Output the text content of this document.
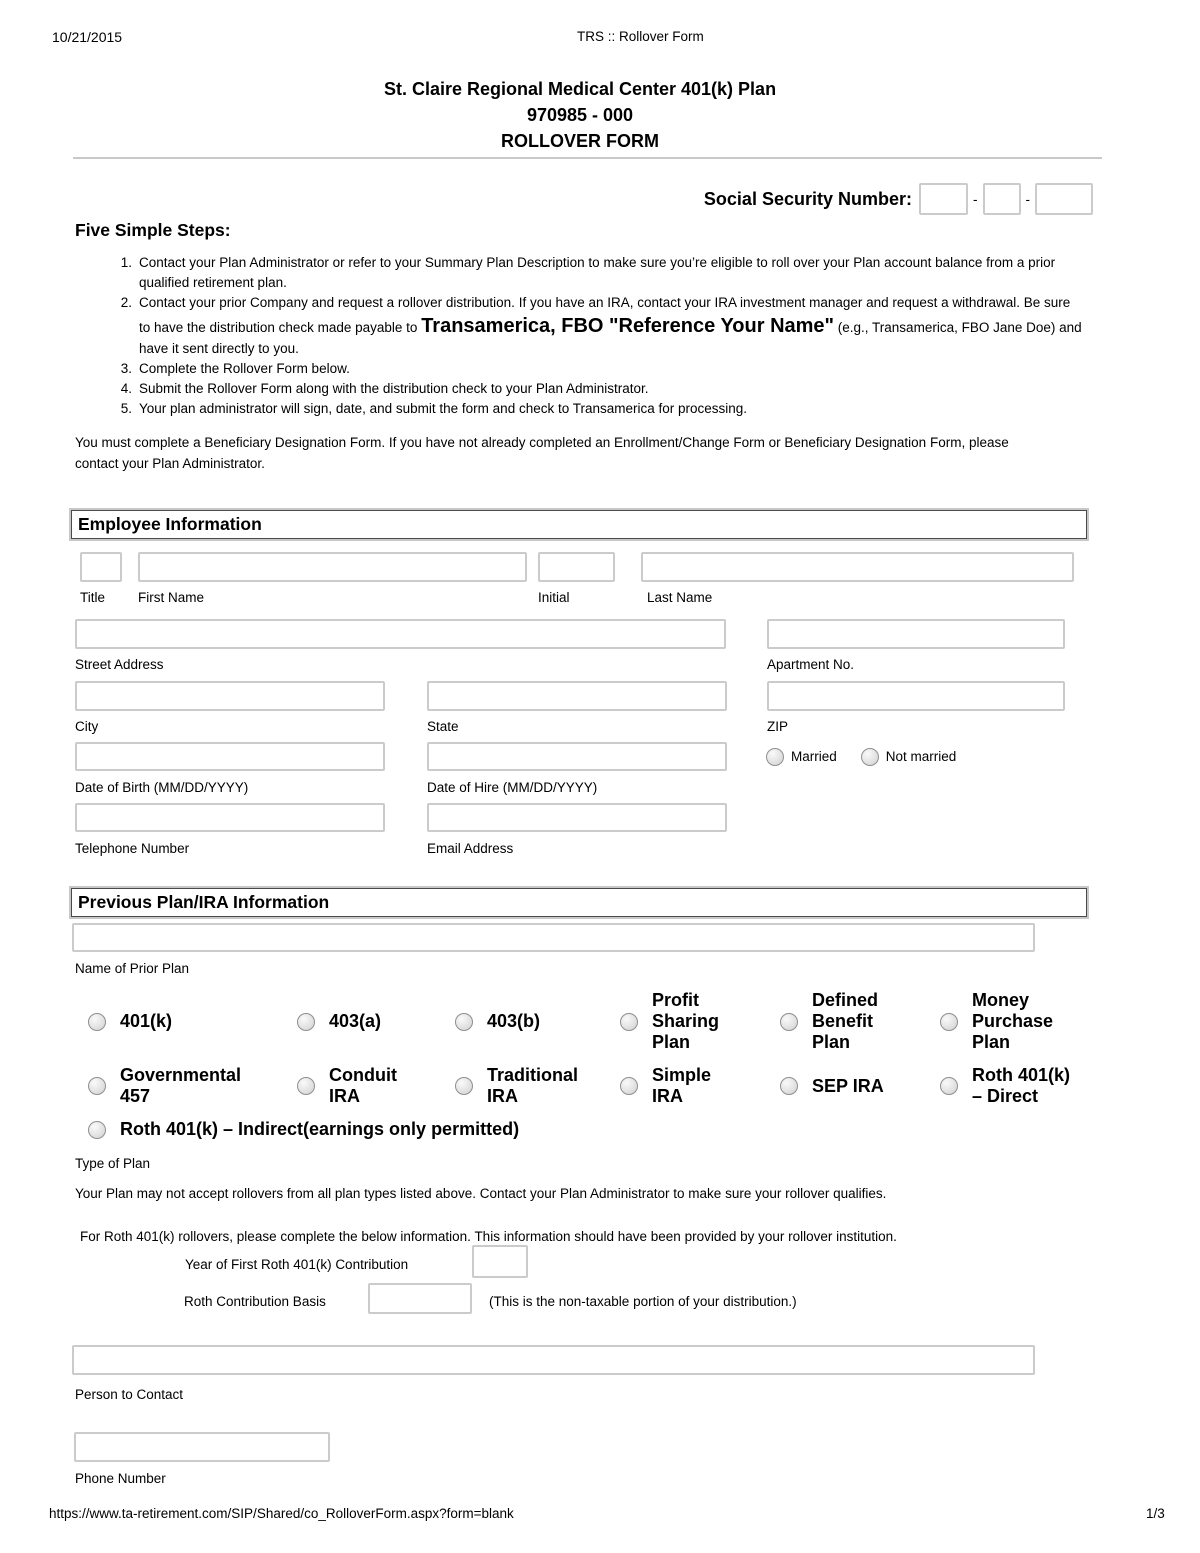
10/21/2015	TRS :: Rollover Form
St. Claire Regional Medical Center 401(k) Plan
970985 - 000
ROLLOVER FORM
Social Security Number:	-	-
Five Simple Steps:
1. Contact your Plan Administrator or refer to your Summary Plan Description to make sure you’re eligible to roll over your Plan account balance from a prior qualified retirement plan.
2. Contact your prior Company and request a rollover distribution. If you have an IRA, contact your IRA investment manager and request a withdrawal. Be sure to have the distribution check made payable to Transamerica, FBO "Reference Your Name" (e.g., Transamerica, FBO Jane Doe) and have it sent directly to you.
3. Complete the Rollover Form below.
4. Submit the Rollover Form along with the distribution check to your Plan Administrator.
5. Your plan administrator will sign, date, and submit the form and check to Transamerica for processing.
You must complete a Beneficiary Designation Form. If you have not already completed an Enrollment/Change Form or Beneficiary Designation Form, please contact your Plan Administrator.
Employee Information
Title First Name	Initial	Last Name
Street Address	Apartment No.
City	State	ZIP
Married	Not married
Date of Birth (MM/DD/YYYY)	Date of Hire (MM/DD/YYYY)
Telephone Number	Email Address
Previous Plan/IRA Information
Name of Prior Plan
401(k)	403(a)	403(b)
Profit Sharing Plan
Defined Benefit Plan
Money Purchase Plan
Governmental 457
Conduit IRA
Traditional IRA
Simple IRA
SEP IRA
Roth 401(k) – Direct
Roth 401(k) – Indirect(earnings only permitted)
Type of Plan
Your Plan may not accept rollovers from all plan types listed above. Contact your Plan Administrator to make sure your rollover qualifies.
For Roth 401(k) rollovers, please complete the below information. This information should have been provided by your rollover institution.
Year of First Roth 401(k) Contribution
Roth Contribution Basis	(This is the non-taxable portion of your distribution.)
Person to Contact
Phone Number
https://www.ta-retirement.com/SIP/Shared/co_RolloverForm.aspx?form=blank	1/3
